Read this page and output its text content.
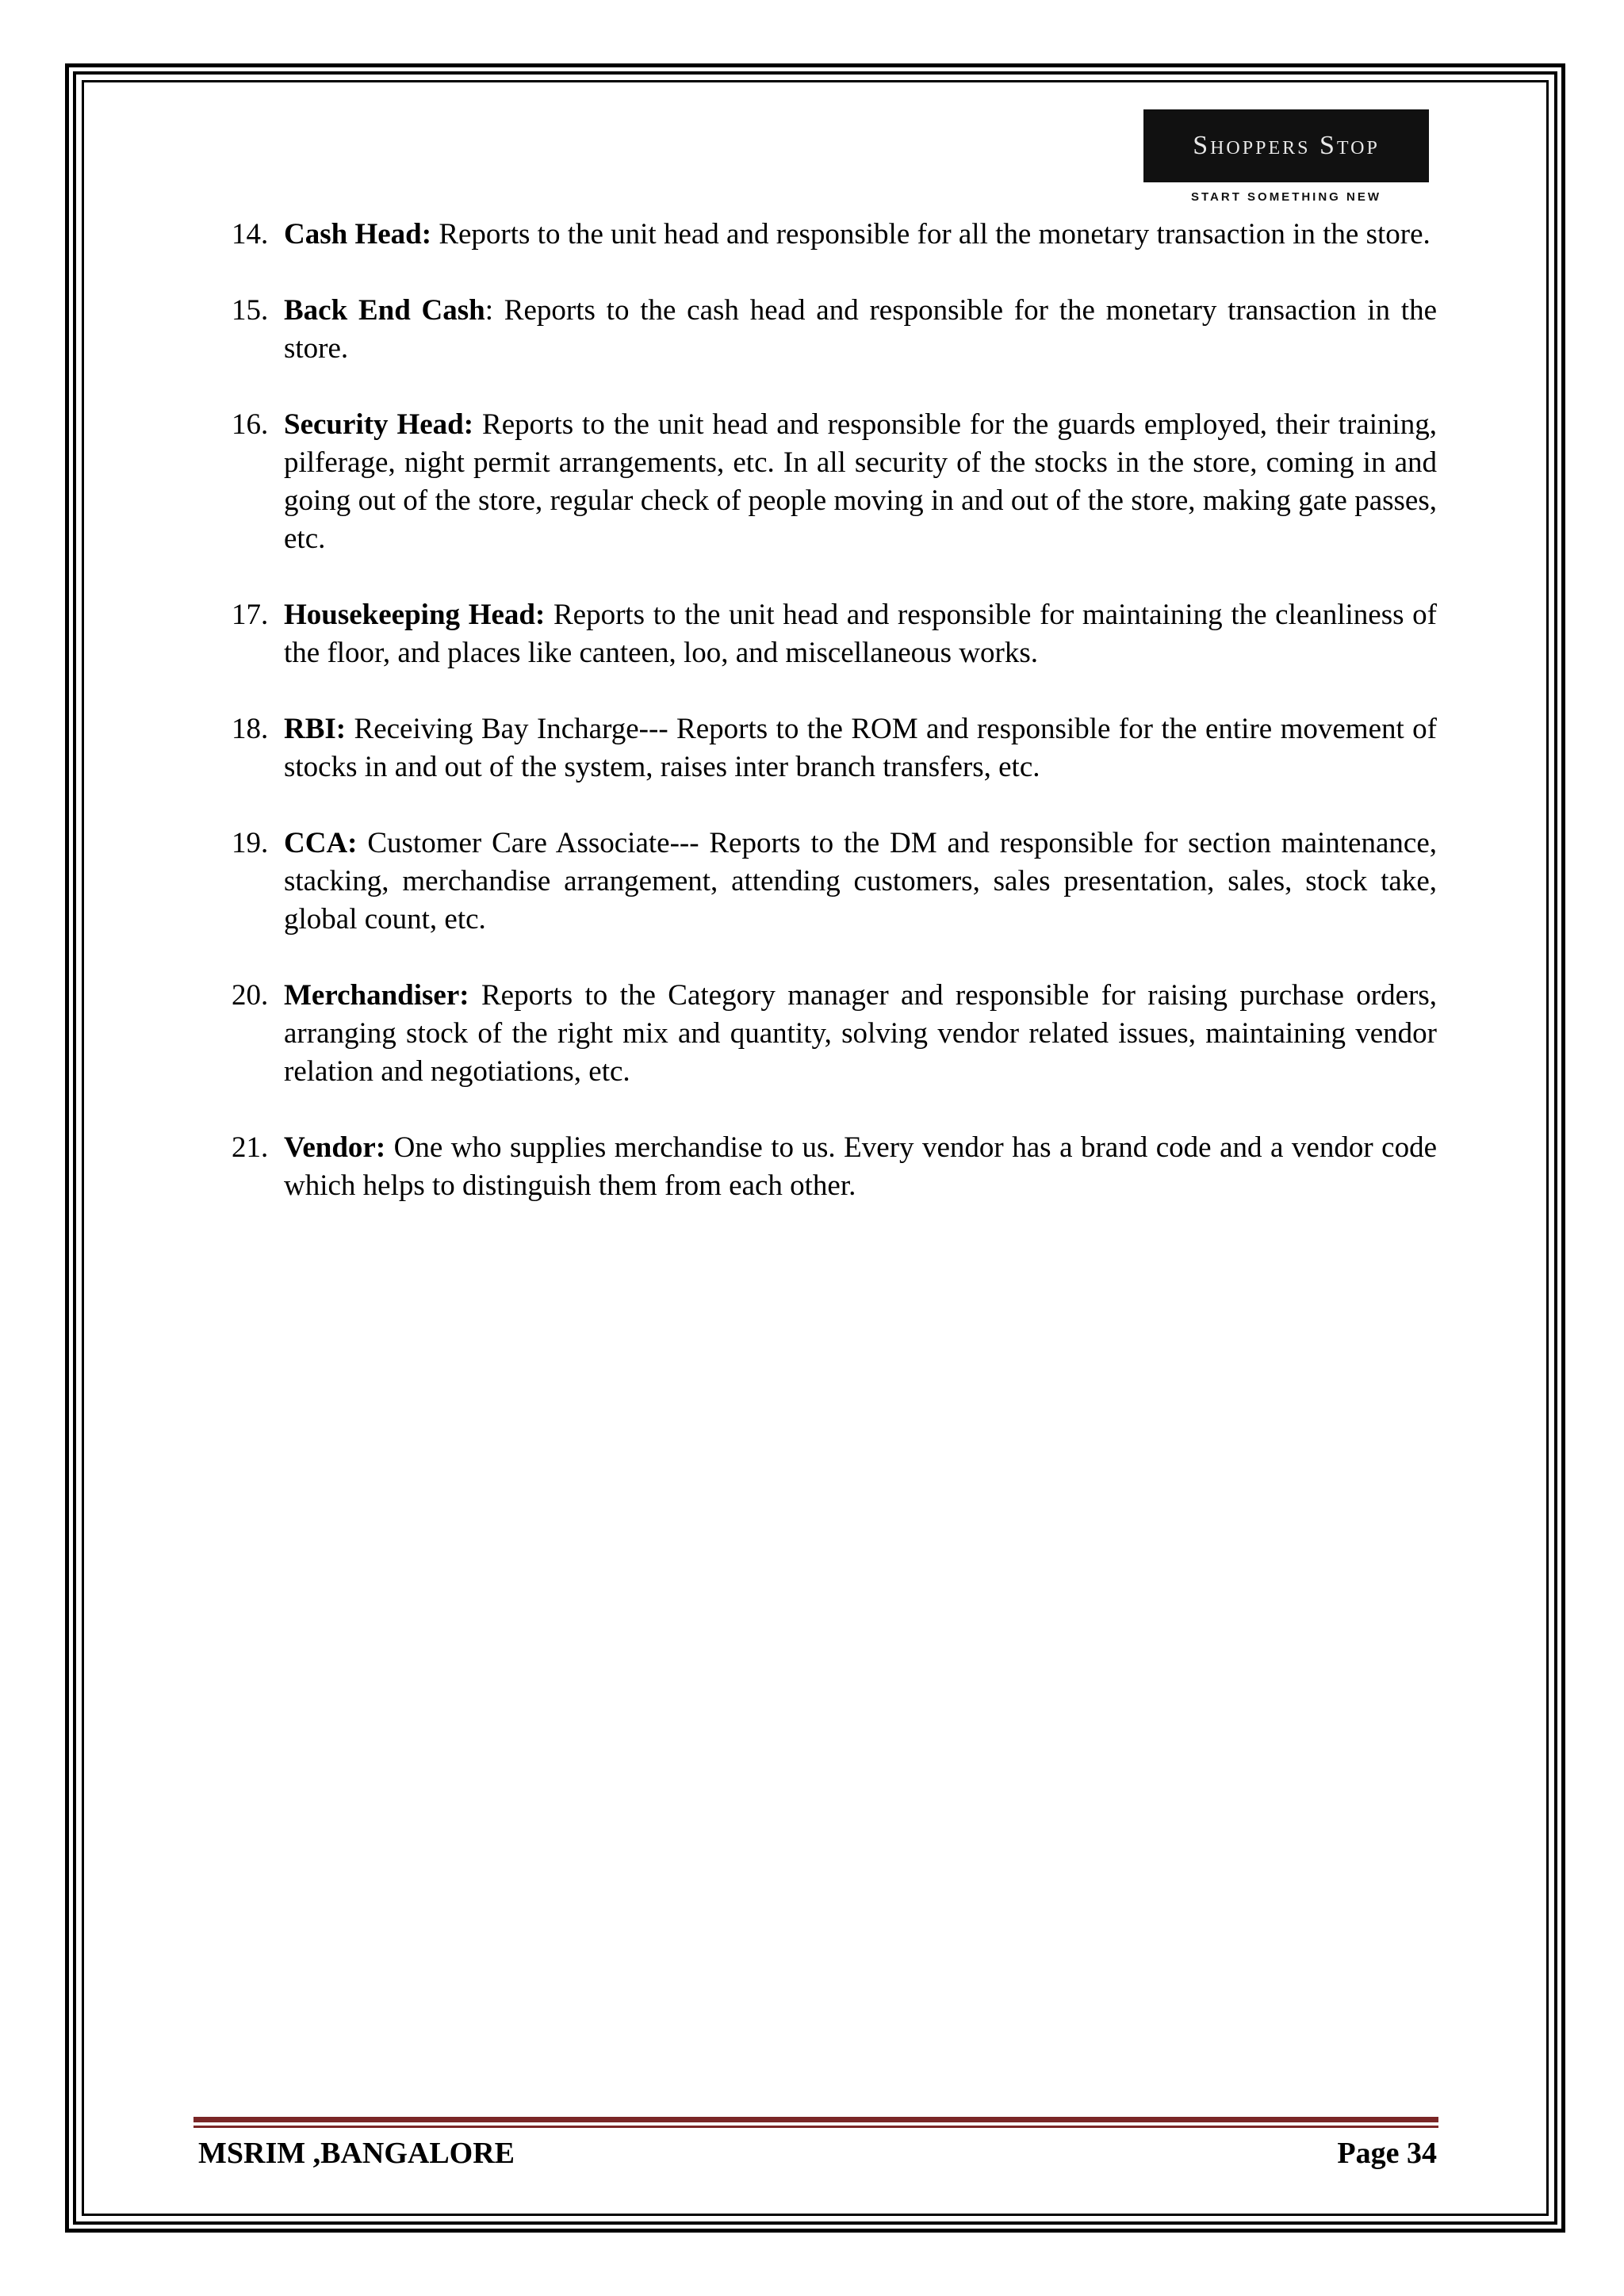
Shoppers Stop
START SOMETHING NEW
14. Cash Head: Reports to the unit head and responsible for all the monetary transaction in the store.
15. Back End Cash: Reports to the cash head and responsible for the monetary transaction in the store.
16. Security Head: Reports to the unit head and responsible for the guards employed, their training, pilferage, night permit arrangements, etc. In all security of the stocks in the store, coming in and going out of the store, regular check of people moving in and out of the store, making gate passes, etc.
17. Housekeeping Head: Reports to the unit head and responsible for maintaining the cleanliness of the floor, and places like canteen, loo, and miscellaneous works.
18. RBI: Receiving Bay Incharge--- Reports to the ROM and responsible for the entire movement of stocks in and out of the system, raises inter branch transfers, etc.
19. CCA: Customer Care Associate--- Reports to the DM and responsible for section maintenance, stacking, merchandise arrangement, attending customers, sales presentation, sales, stock take, global count, etc.
20. Merchandiser: Reports to the Category manager and responsible for raising purchase orders, arranging stock of the right mix and quantity, solving vendor related issues, maintaining vendor relation and negotiations, etc.
21. Vendor: One who supplies merchandise to us. Every vendor has a brand code and a vendor code which helps to distinguish them from each other.
MSRIM ,BANGALORE	Page 34
